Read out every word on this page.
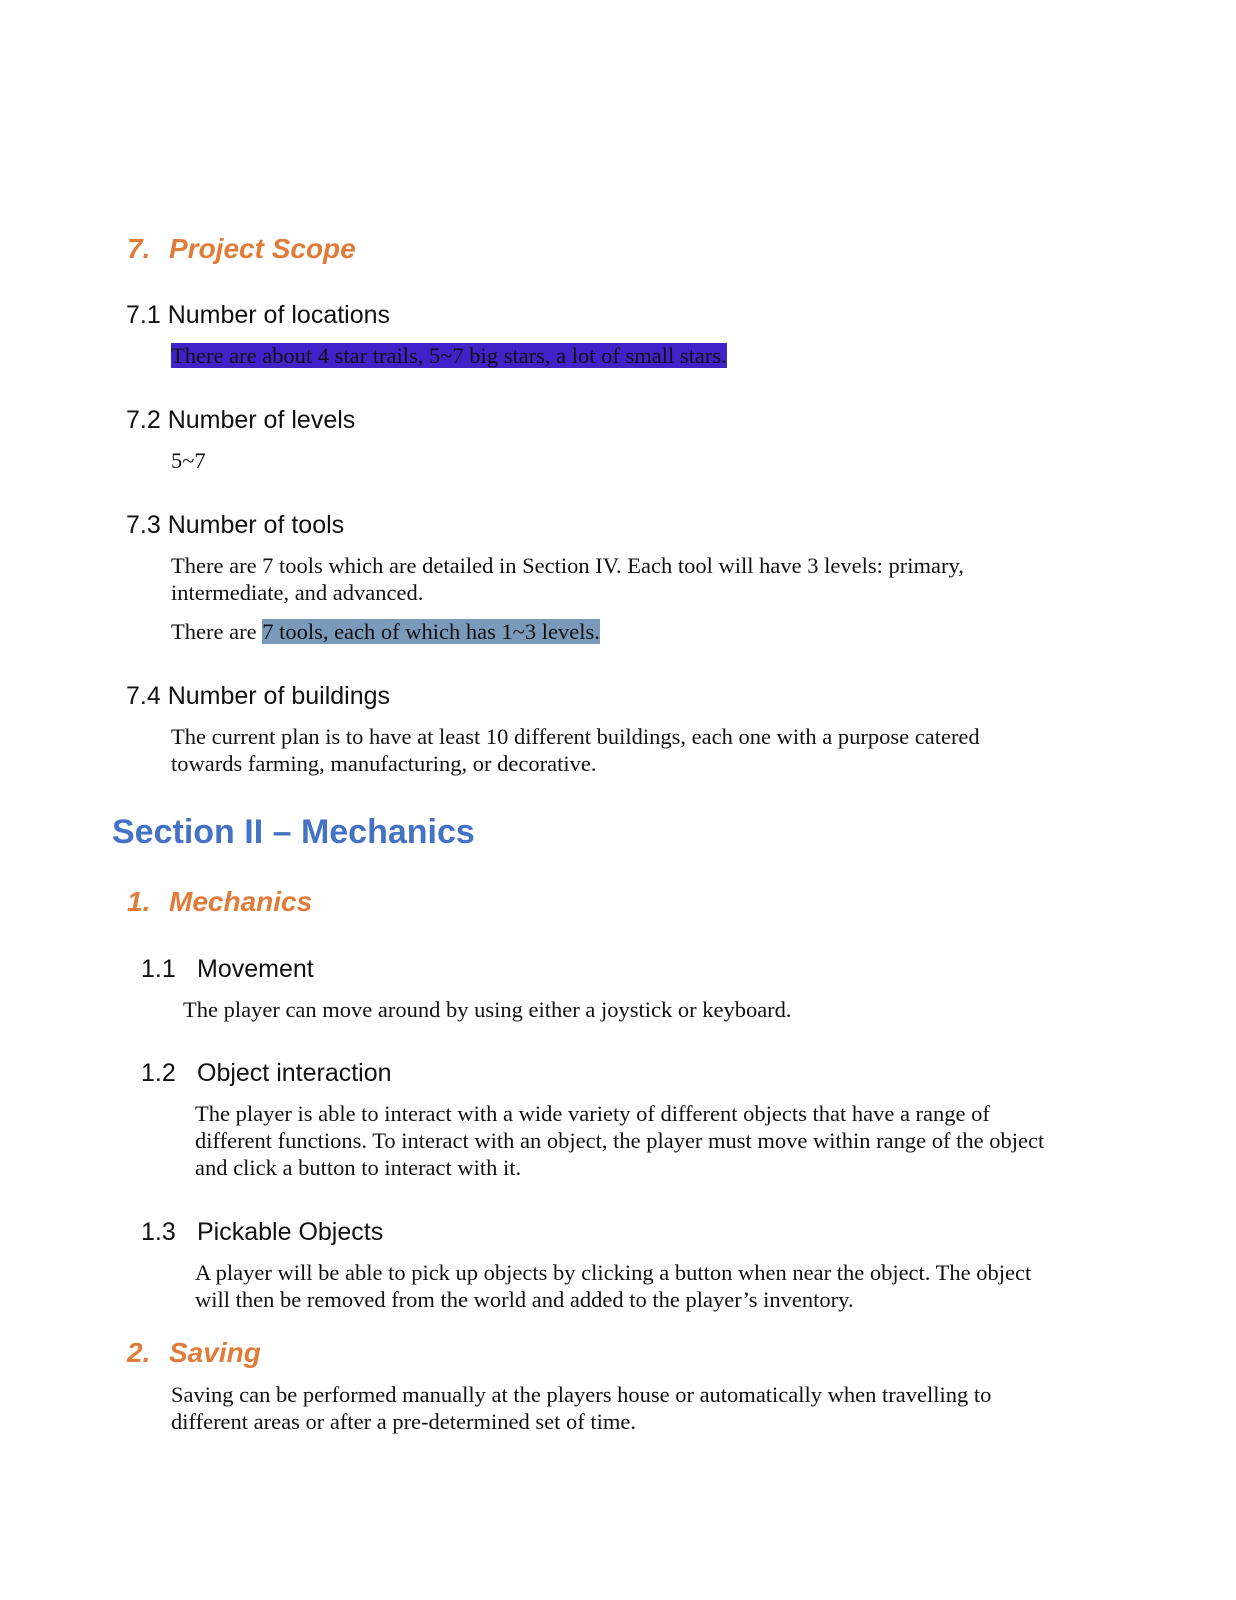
7. Project Scope
7.1 Number of locations
There are about 4 star trails, 5~7 big stars, a lot of small stars.
7.2 Number of levels
5~7
7.3 Number of tools
There are 7 tools which are detailed in Section IV. Each tool will have 3 levels: primary,
intermediate, and advanced.
There are 7 tools, each of which has 1~3 levels.
7.4 Number of buildings
The current plan is to have at least 10 different buildings, each one with a purpose catered
towards farming, manufacturing, or decorative.
Section II – Mechanics
1. Mechanics
1.1 Movement
The player can move around by using either a joystick or keyboard.
1.2 Object interaction
The player is able to interact with a wide variety of different objects that have a range of
different functions. To interact with an object, the player must move within range of the object
and click a button to interact with it.
1.3 Pickable Objects
A player will be able to pick up objects by clicking a button when near the object. The object
will then be removed from the world and added to the player’s inventory.
2. Saving
Saving can be performed manually at the players house or automatically when travelling to
different areas or after a pre-determined set of time.
